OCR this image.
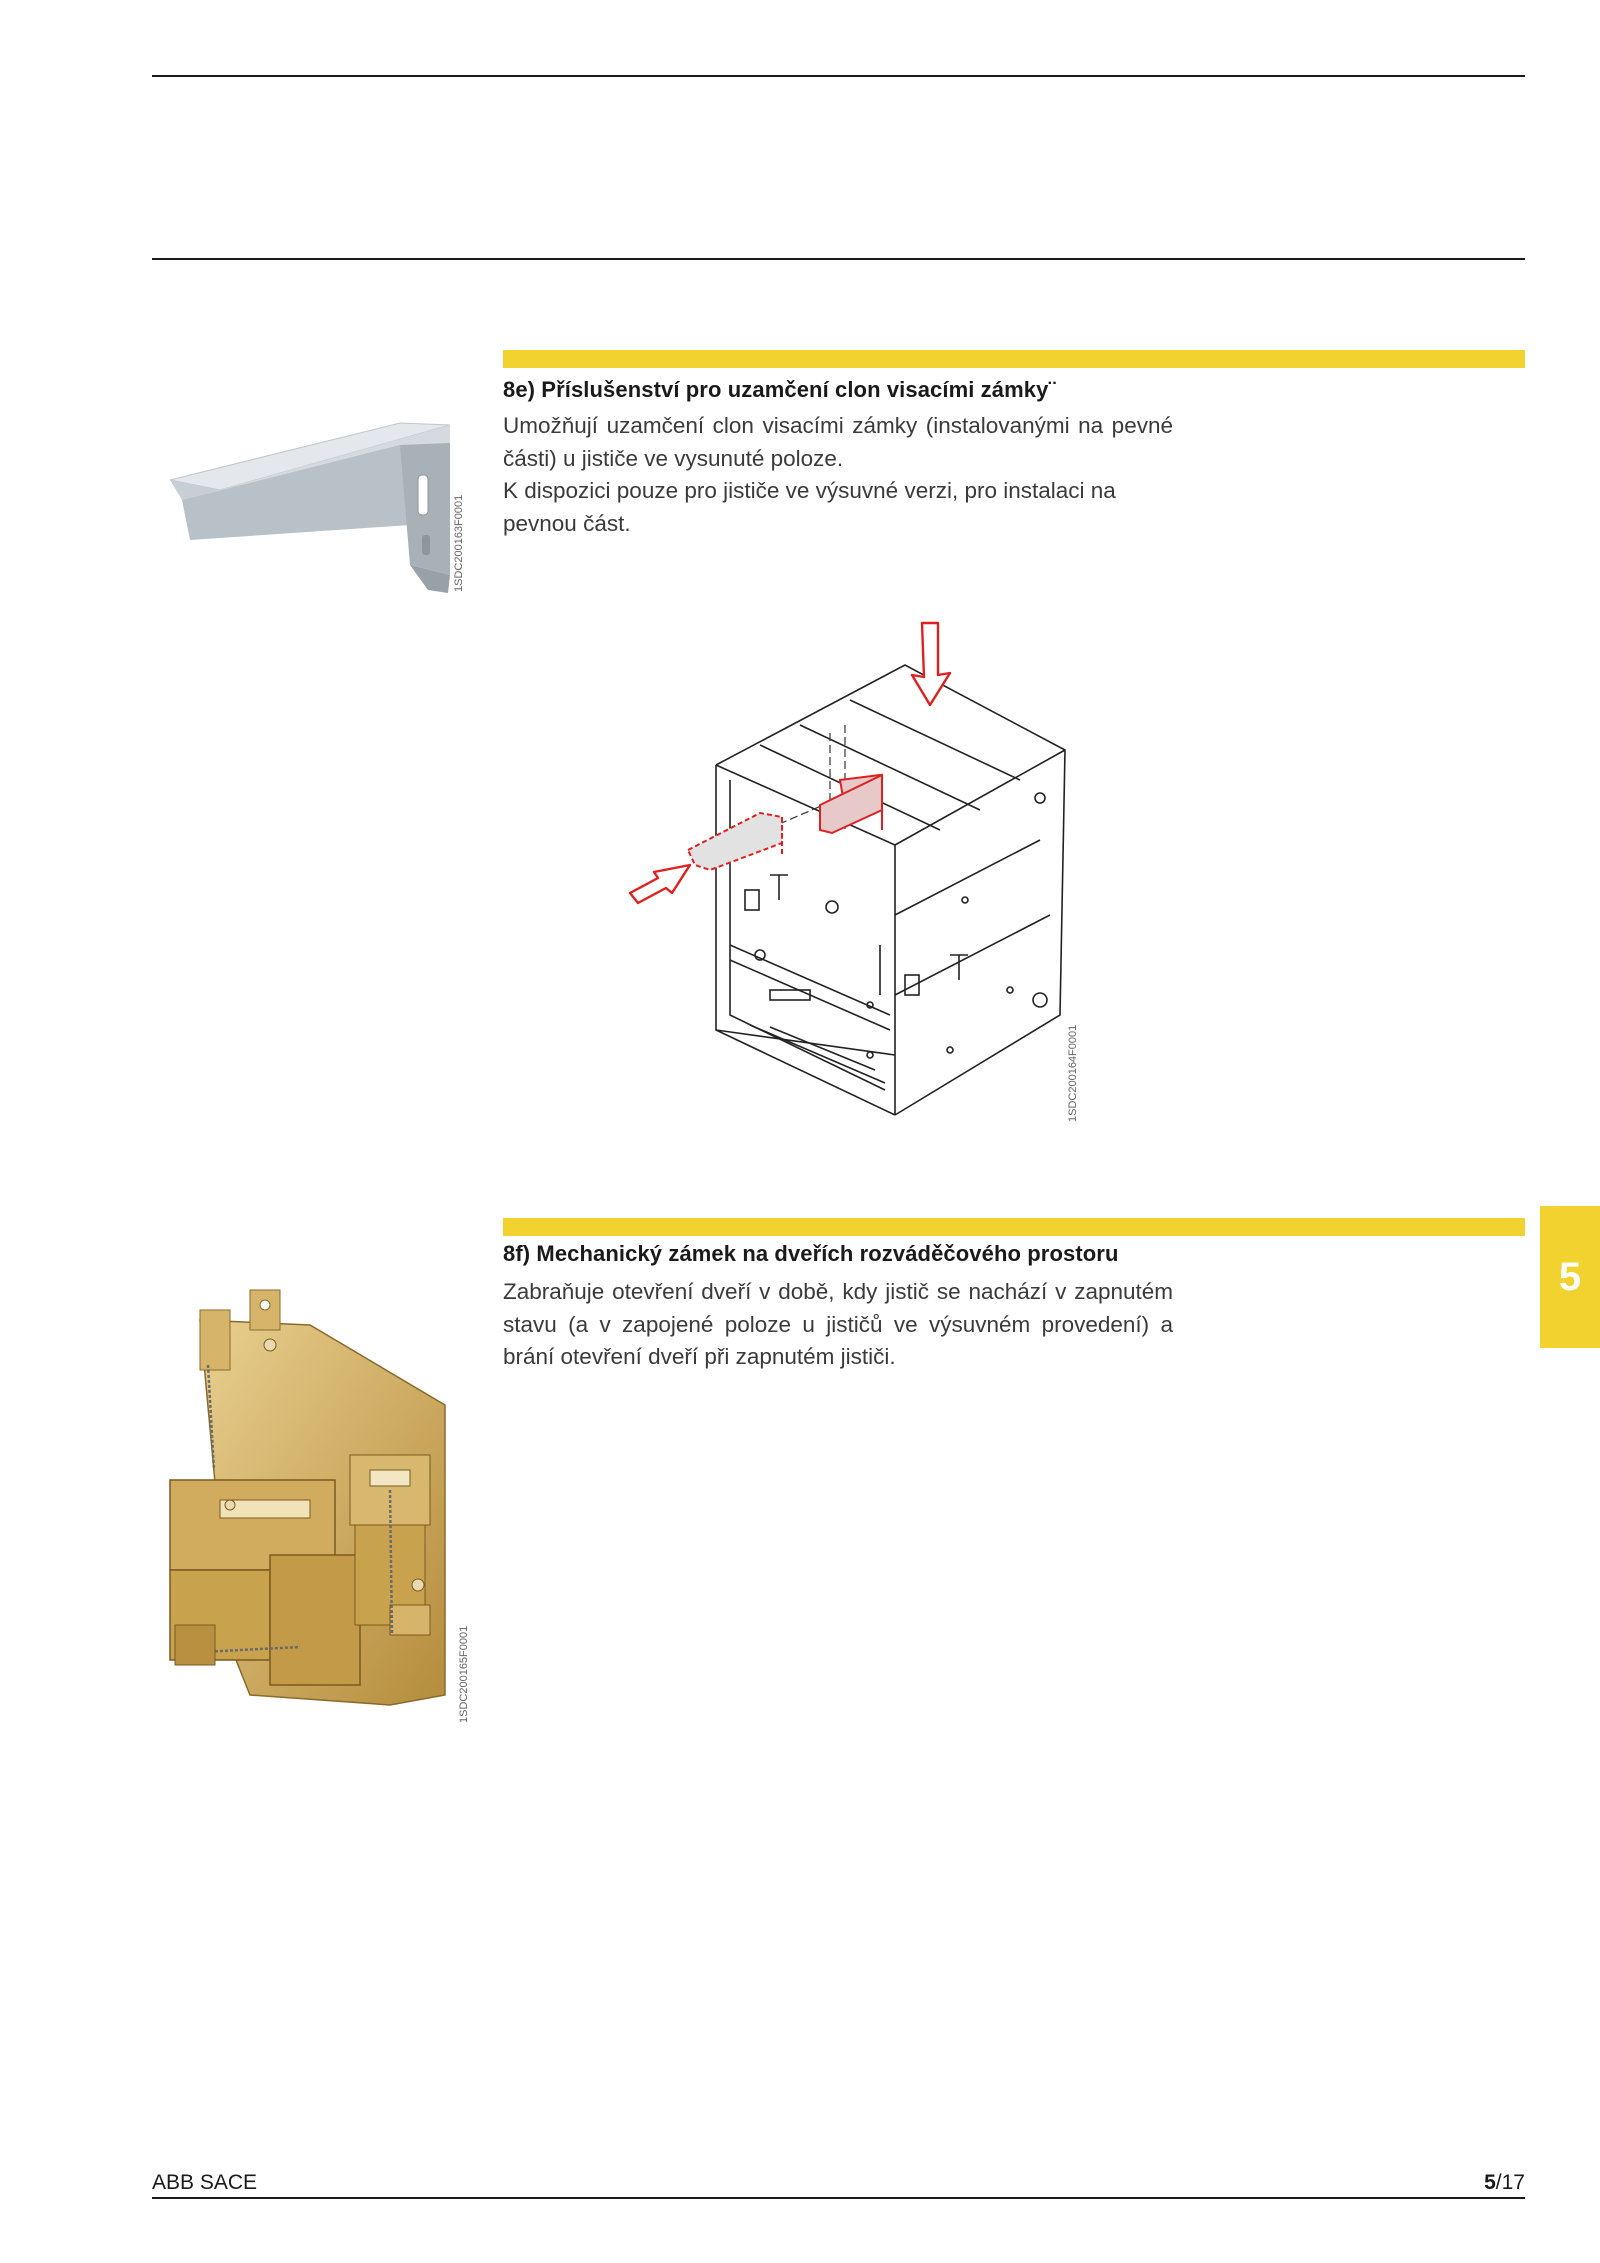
8e) Příslušenství pro uzamčení clon visacími zámky¨

Umožňují uzamčení clon visacími zámky (instalovanými na pevné části) u jističe ve vysunuté poloze.

K dispozici pouze pro jističe ve výsuvné verzi, pro instalaci na pevnou část.

1SDC200163F0001
1SDC200164F0001
8f) Mechanický zámek na dveřích rozváděčového prostoru

Zabraňuje otevření dveří v době, kdy jistič se nachází v zapnutém stavu (a v zapojené poloze u jističů ve výsuvném provedení) a brání otevření dveří při zapnutém jističi.

1SDC200165F0001
5
ABB SACE	5/17
